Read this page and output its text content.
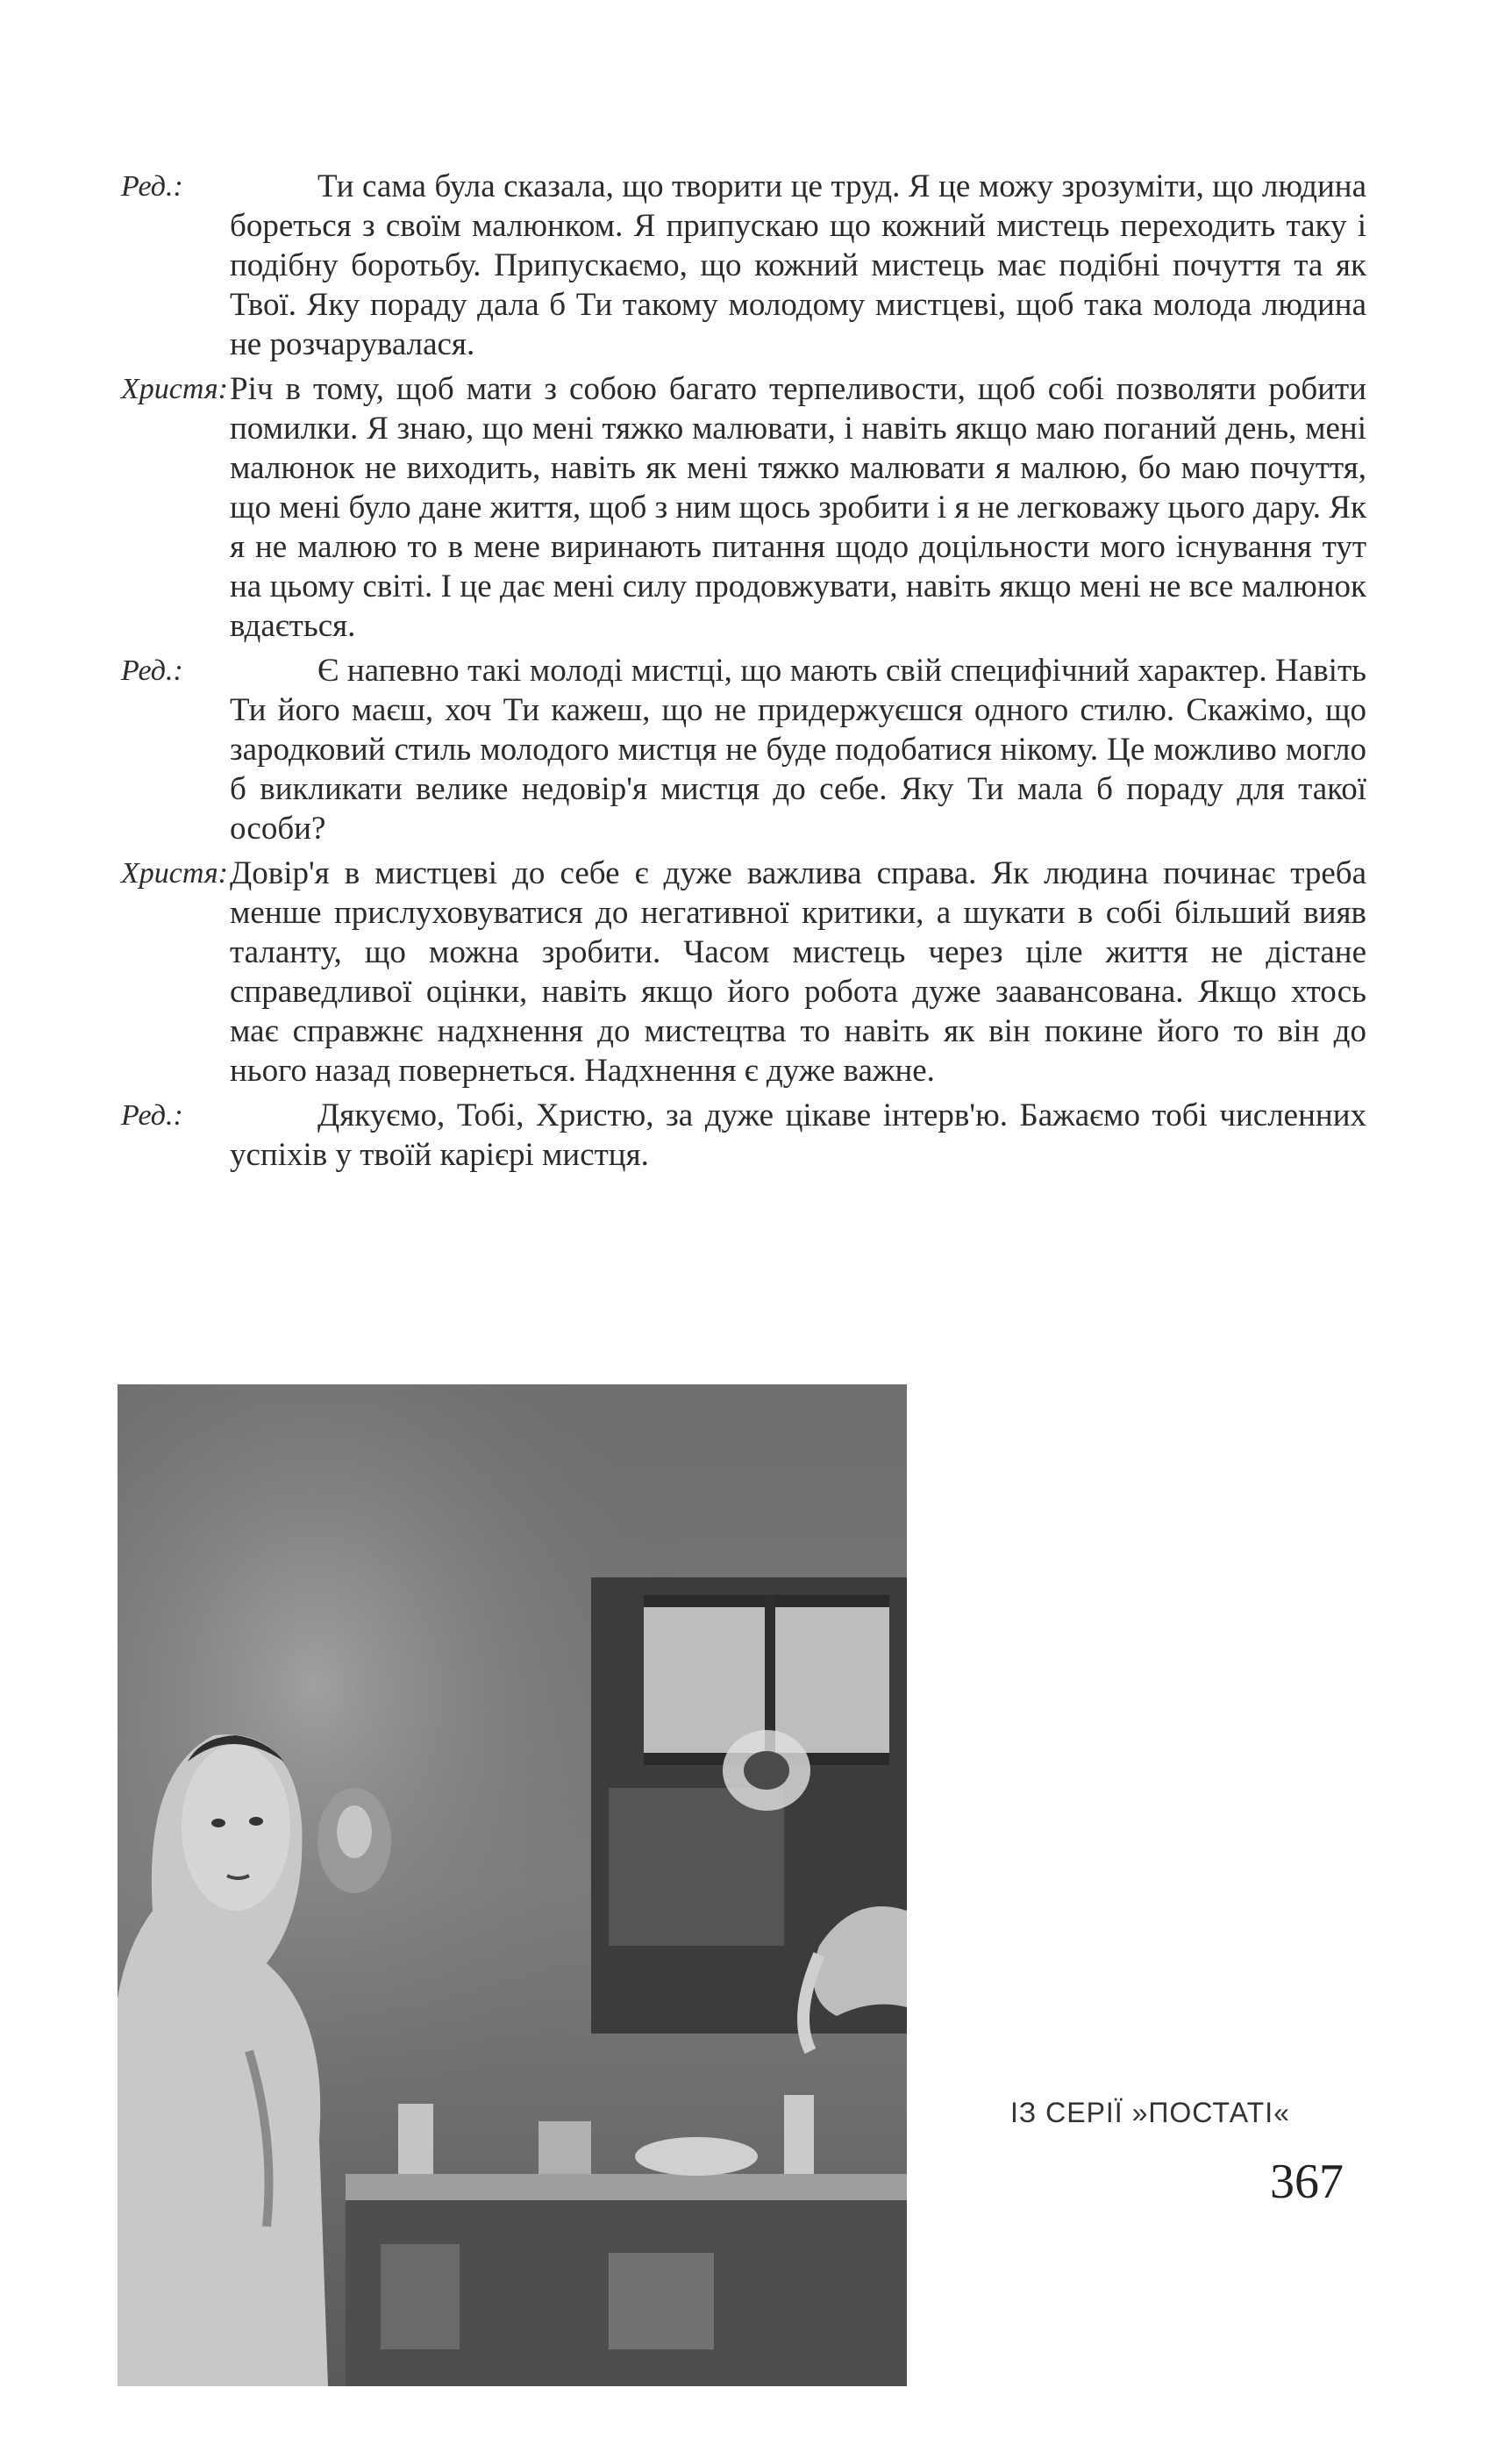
Ред.:	Ти сама була сказала, що творити це труд. Я це можу зрозуміти, що людина бореться з своїм малюнком. Я припускаю що кожний мистець переходить таку і подібну боротьбу. Припускаємо, що кожний мистець має подібні почуття та як Твої. Яку пораду дала б Ти такому молодому мистцеві, щоб така молода людина не розчарувалася.
Христя: Річ в тому, щоб мати з собою багато терпеливости, щоб собі позволяти робити помилки. Я знаю, що мені тяжко малювати, і навіть якщо маю поганий день, мені малюнок не виходить, навіть як мені тяжко малювати я малюю, бо маю почуття, що мені було дане життя, щоб з ним щось зробити і я не легковажу цього дару. Як я не малюю то в мене виринають питання щодо доцільности мого існування тут на цьому світі. І це дає мені силу продовжувати, навіть якщо мені не все малюнок вдається.
Ред.:	Є напевно такі молоді мистці, що мають свій специфічний характер. Навіть Ти його маєш, хоч Ти кажеш, що не придержуєшся одного стилю. Скажімо, що зародковий стиль молодого мистця не буде подобатися нікому. Це можливо могло б викликати велике недовір'я мистця до себе. Яку Ти мала б пораду для такої особи?
Христя: Довір'я в мистцеві до себе є дуже важлива справа. Як людина починає треба менше прислуховуватися до негативної критики, а шукати в собі більший вияв таланту, що можна зробити. Часом мистець через ціле життя не дістане справедливої оцінки, навіть якщо його робота дуже заавансована. Якщо хтось має справжнє надхнення до мистецтва то навіть як він покине його то він до нього назад повернеться. Надхнення є дуже важне.
Ред.:	Дякуємо, Тобі, Христю, за дуже цікаве інтерв'ю. Бажаємо тобі численних успіхів у твоїй карієрі мистця.
ІЗ СЕРІЇ »ПОСТАТІ«
367
